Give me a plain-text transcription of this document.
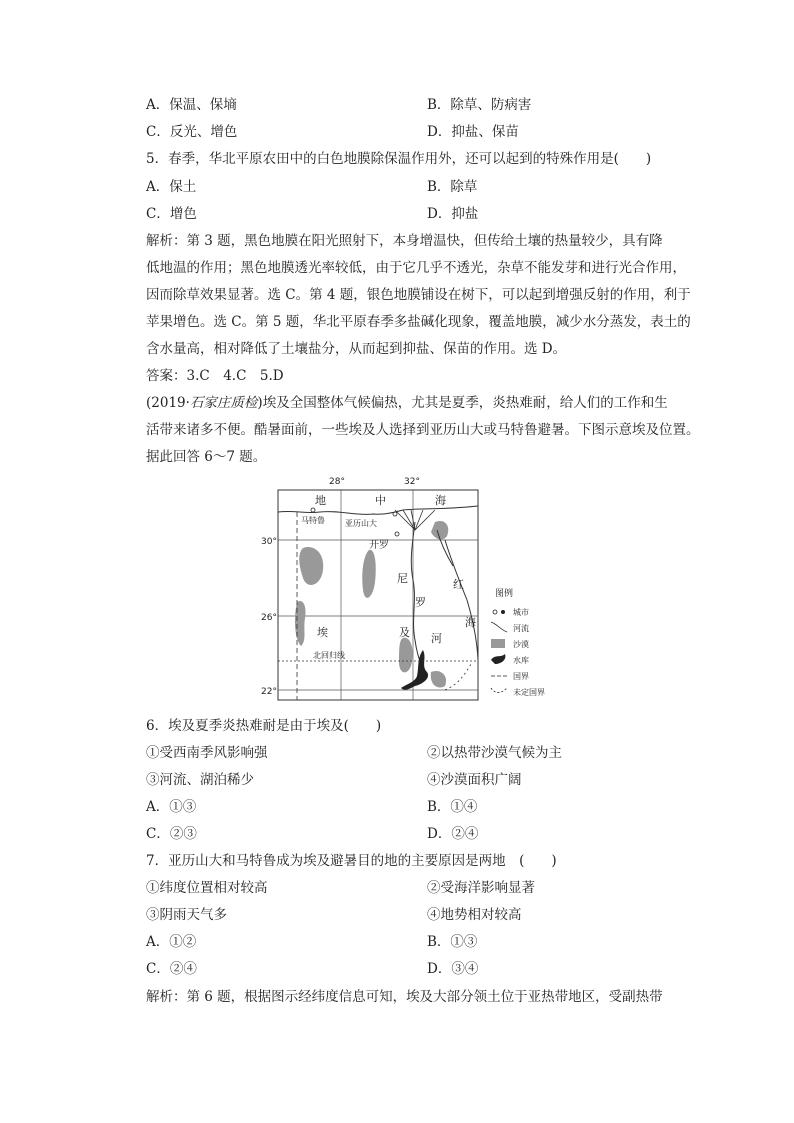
A．保温、保墒	B．除草、防病害
C．反光、增色	D．抑盐、保苗
5．春季，华北平原农田中的白色地膜除保温作用外，还可以起到的特殊作用是(　　)
A．保土	B．除草
C．增色	D．抑盐
解析：第 3 题，黑色地膜在阳光照射下，本身增温快，但传给土壤的热量较少，具有降
低地温的作用；黑色地膜透光率较低，由于它几乎不透光，杂草不能发芽和进行光合作用，
因而除草效果显著。选 C。第 4 题，银色地膜铺设在树下，可以起到增强反射的作用，利于
苹果增色。选 C。第 5 题，华北平原春季多盐碱化现象，覆盖地膜，减少水分蒸发，表土的
含水量高，相对降低了土壤盐分，从而起到抑盐、保苗的作用。选 D。
答案：3.C　4.C　5.D
(2019·石家庄质检)埃及全国整体气候偏热，尤其是夏季，炎热难耐，给人们的工作和生
活带来诸多不便。酷暑面前，一些埃及人选择到亚历山大或马特鲁避暑。下图示意埃及位置。
据此回答 6～7 题。
28°	32°
30°
26°
22°
地	中	海
马特鲁	亚历山大
开罗
尼
罗
河
埃	及
红
海
北回归线
图例
城市
河流
沙漠
水库
国界
未定国界
6．埃及夏季炎热难耐是由于埃及(　　)
①受西南季风影响强	②以热带沙漠气候为主
③河流、湖泊稀少	④沙漠面积广阔
A．①③	B．①④
C．②③	D．②④
7．亚历山大和马特鲁成为埃及避暑目的地的主要原因是两地　(　　)
①纬度位置相对较高	②受海洋影响显著
③阴雨天气多	④地势相对较高
A．①②	B．①③
C．②④	D．③④
解析：第 6 题，根据图示经纬度信息可知，埃及大部分领土位于亚热带地区，受副热带
